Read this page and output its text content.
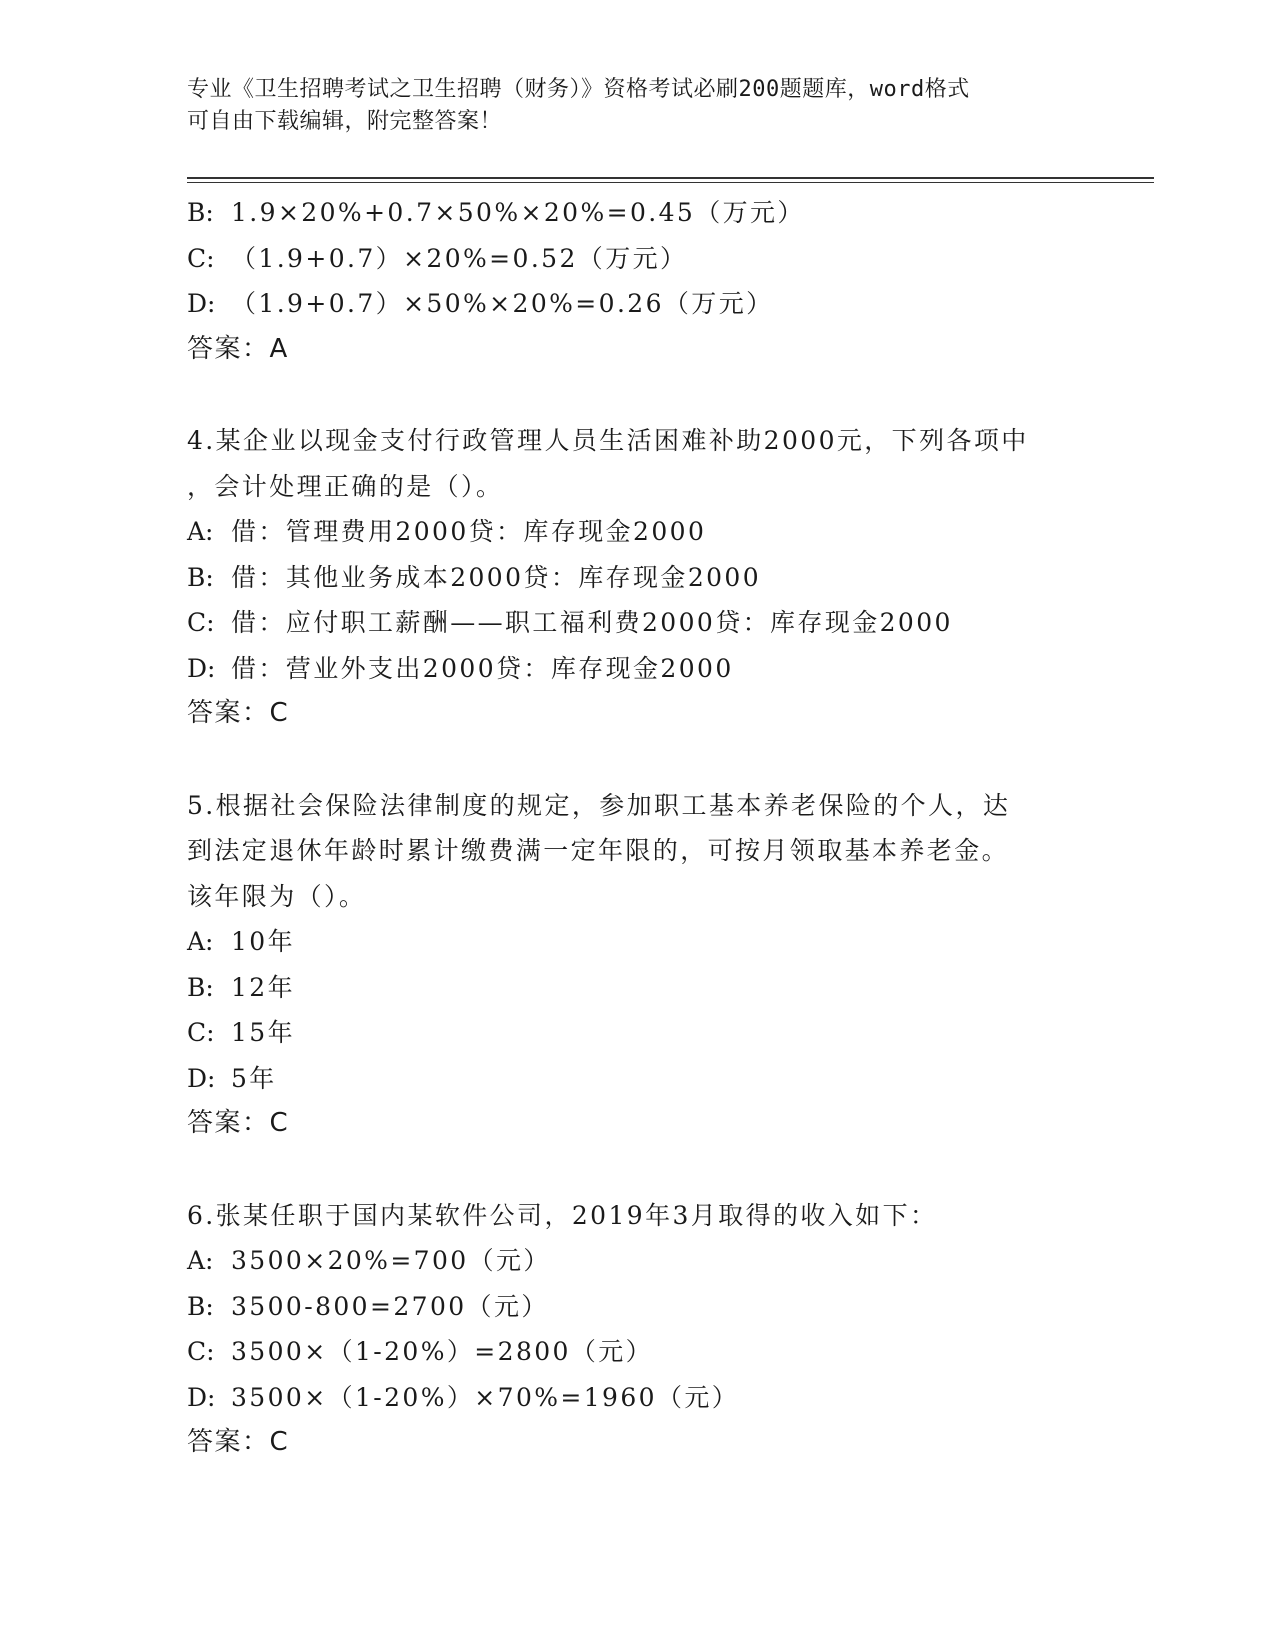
专业《卫生招聘考试之卫生招聘（财务）》资格考试必刷200题题库，word格式
可自由下载编辑，附完整答案！
B: 1.9×20%+0.7×50%×20%=0.45（万元）
C: （1.9+0.7）×20%=0.52（万元）
D: （1.9+0.7）×50%×20%=0.26（万元）
答案：A
4.某企业以现金支付行政管理人员生活困难补助2000元，下列各项中
，会计处理正确的是（）。
A: 借：管理费用2000贷：库存现金2000
B: 借：其他业务成本2000贷：库存现金2000
C: 借：应付职工薪酬——职工福利费2000贷：库存现金2000
D: 借：营业外支出2000贷：库存现金2000
答案：C
5.根据社会保险法律制度的规定，参加职工基本养老保险的个人，达
到法定退休年龄时累计缴费满一定年限的，可按月领取基本养老金。
该年限为（）。
A: 10年
B: 12年
C: 15年
D: 5年
答案：C
6.张某任职于国内某软件公司，2019年3月取得的收入如下：
A: 3500×20%=700（元）
B: 3500-800=2700（元）
C: 3500×（1-20%）=2800（元）
D: 3500×（1-20%）×70%=1960（元）
答案：C
